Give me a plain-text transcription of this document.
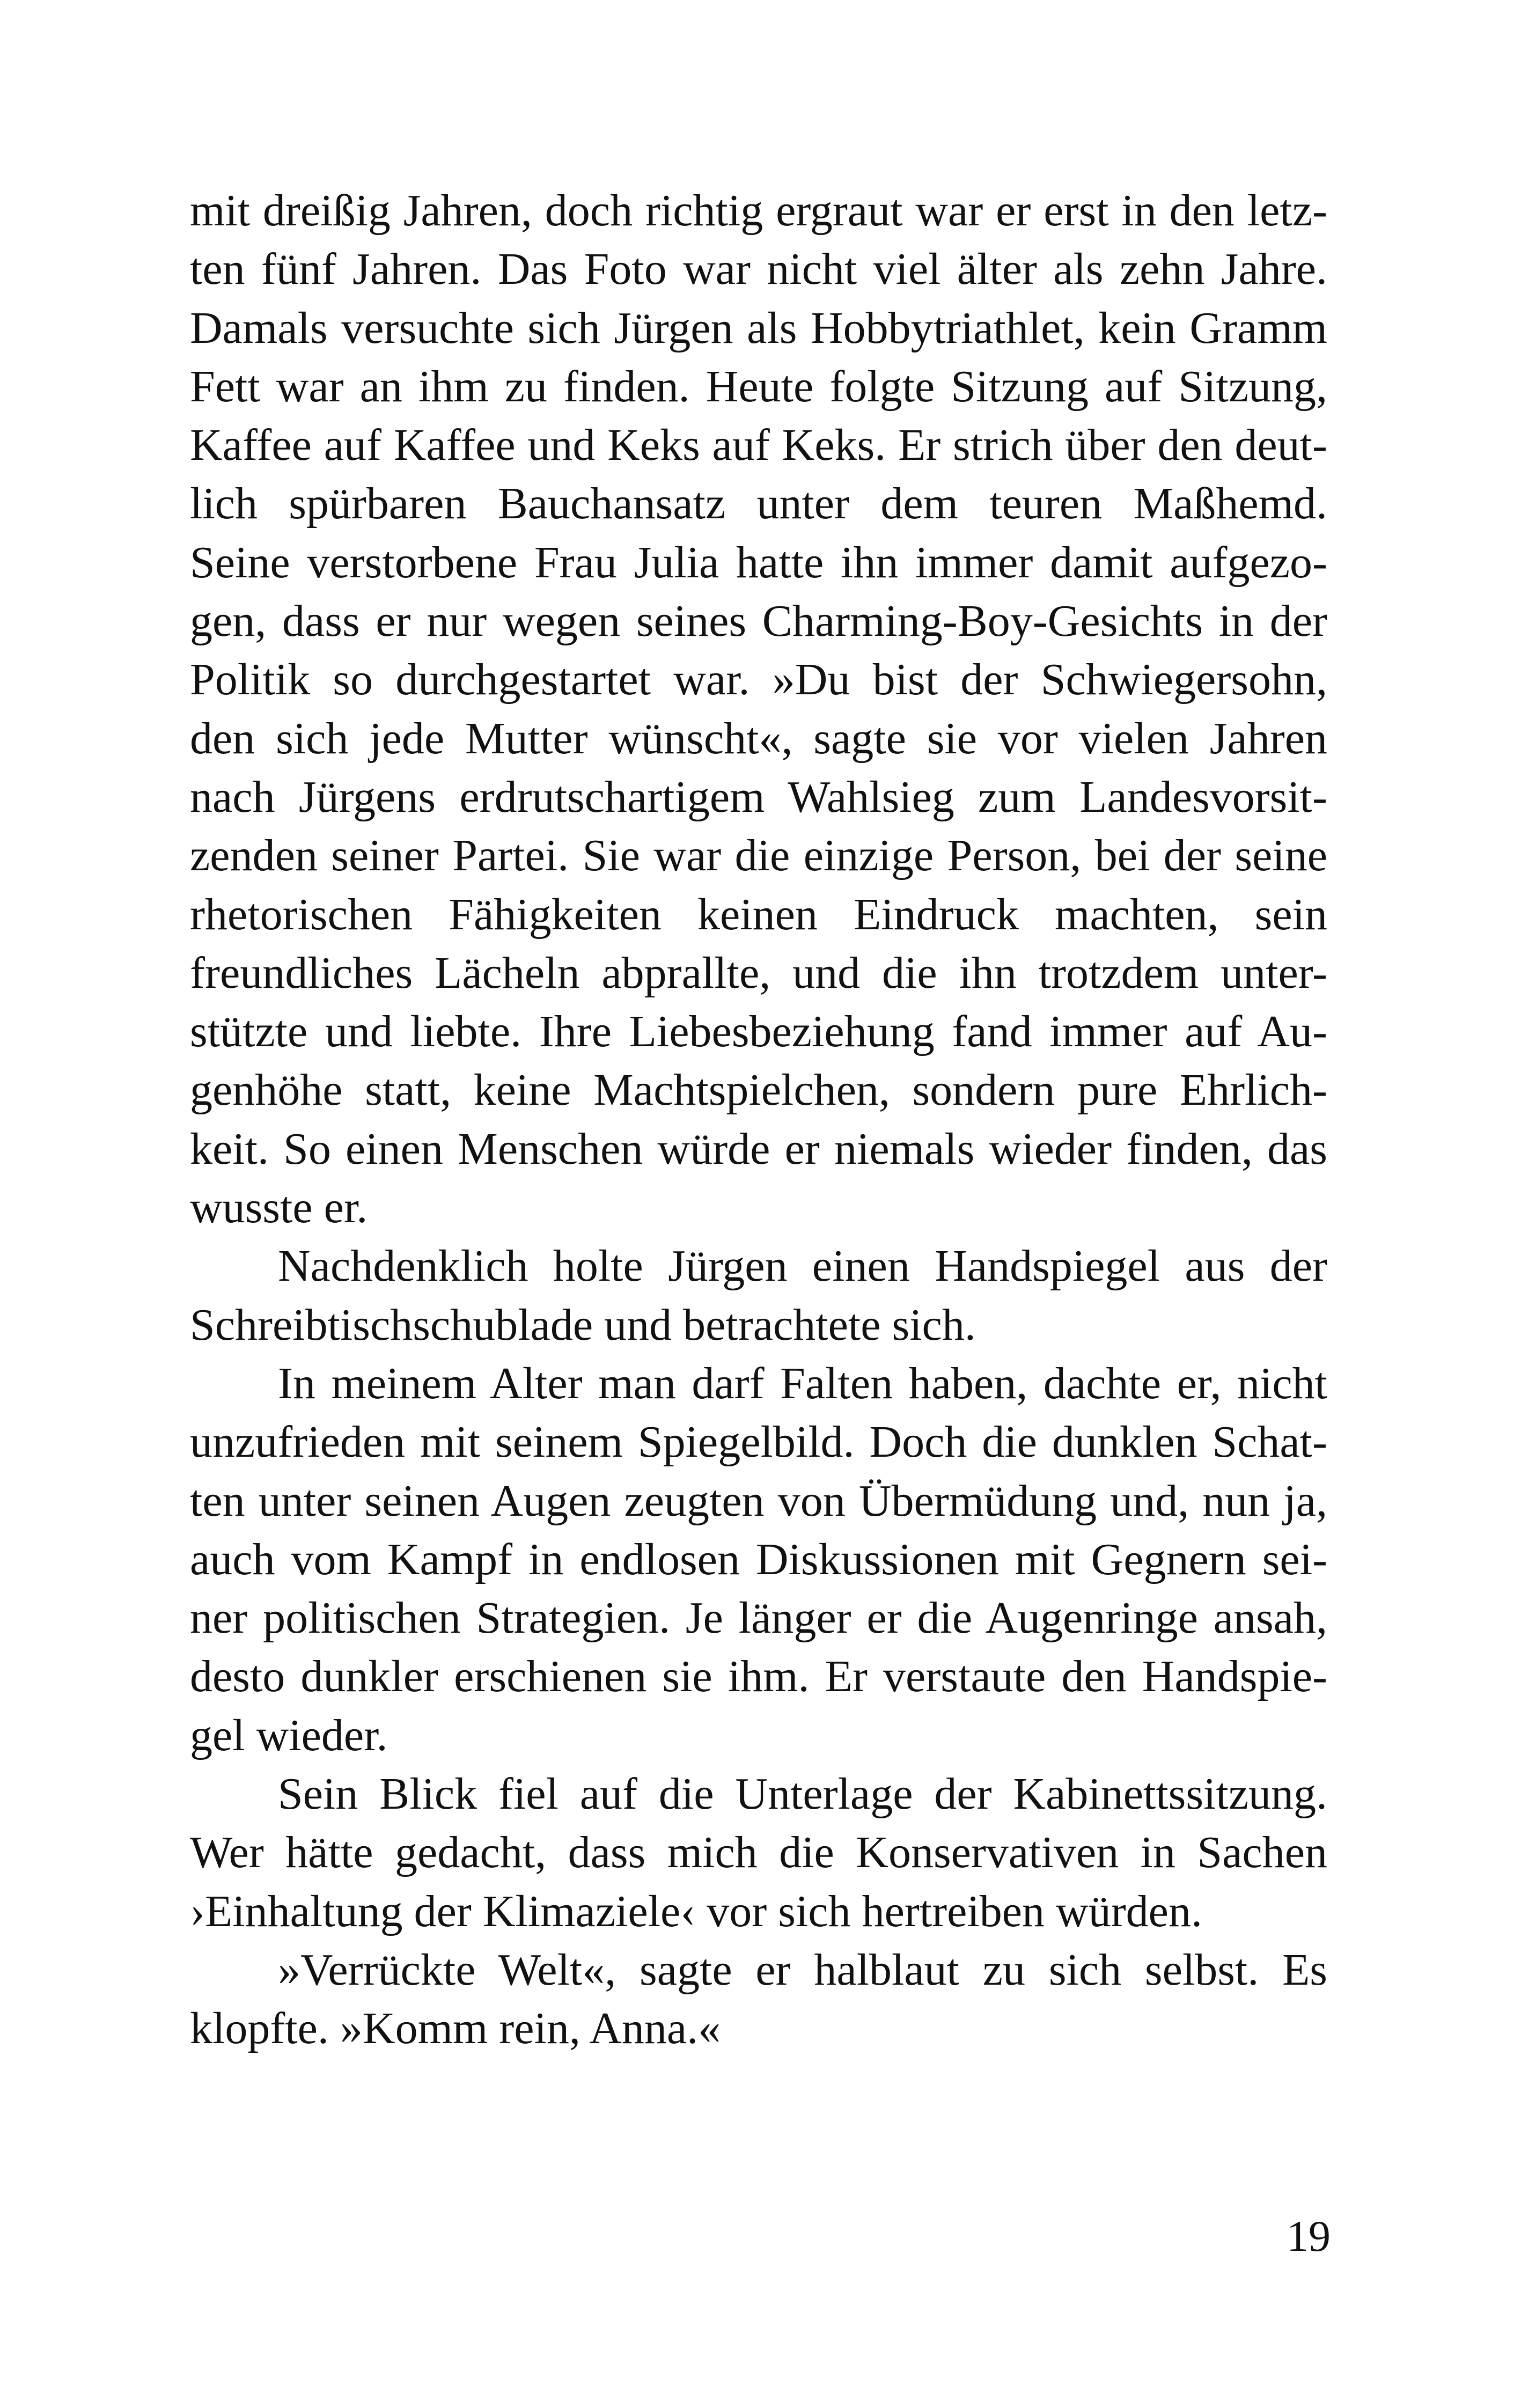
mit dreißig Jahren, doch richtig ergraut war er erst in den letz-
ten fünf Jahren. Das Foto war nicht viel älter als zehn Jahre.
Damals versuchte sich Jürgen als Hobbytriathlet, kein Gramm
Fett war an ihm zu finden. Heute folgte Sitzung auf Sitzung,
Kaffee auf Kaffee und Keks auf Keks. Er strich über den deut-
lich spürbaren Bauchansatz unter dem teuren Maßhemd.
Seine verstorbene Frau Julia hatte ihn immer damit aufgezo-
gen, dass er nur wegen seines Charming-Boy-Gesichts in der
Politik so durchgestartet war. »Du bist der Schwiegersohn,
den sich jede Mutter wünscht«, sagte sie vor vielen Jahren
nach Jürgens erdrutschartigem Wahlsieg zum Landesvorsit-
zenden seiner Partei. Sie war die einzige Person, bei der seine
rhetorischen Fähigkeiten keinen Eindruck machten, sein
freundliches Lächeln abprallte, und die ihn trotzdem unter-
stützte und liebte. Ihre Liebesbeziehung fand immer auf Au-
genhöhe statt, keine Machtspielchen, sondern pure Ehrlich-
keit. So einen Menschen würde er niemals wieder finden, das
wusste er.
Nachdenklich holte Jürgen einen Handspiegel aus der
Schreibtischschublade und betrachtete sich.
In meinem Alter man darf Falten haben, dachte er, nicht
unzufrieden mit seinem Spiegelbild. Doch die dunklen Schat-
ten unter seinen Augen zeugten von Übermüdung und, nun ja,
auch vom Kampf in endlosen Diskussionen mit Gegnern sei-
ner politischen Strategien. Je länger er die Augenringe ansah,
desto dunkler erschienen sie ihm. Er verstaute den Handspie-
gel wieder.
Sein Blick fiel auf die Unterlage der Kabinettssitzung.
Wer hätte gedacht, dass mich die Konservativen in Sachen
›Einhaltung der Klimaziele‹ vor sich hertreiben würden.
»Verrückte Welt«, sagte er halblaut zu sich selbst. Es
klopfte. »Komm rein, Anna.«
19
